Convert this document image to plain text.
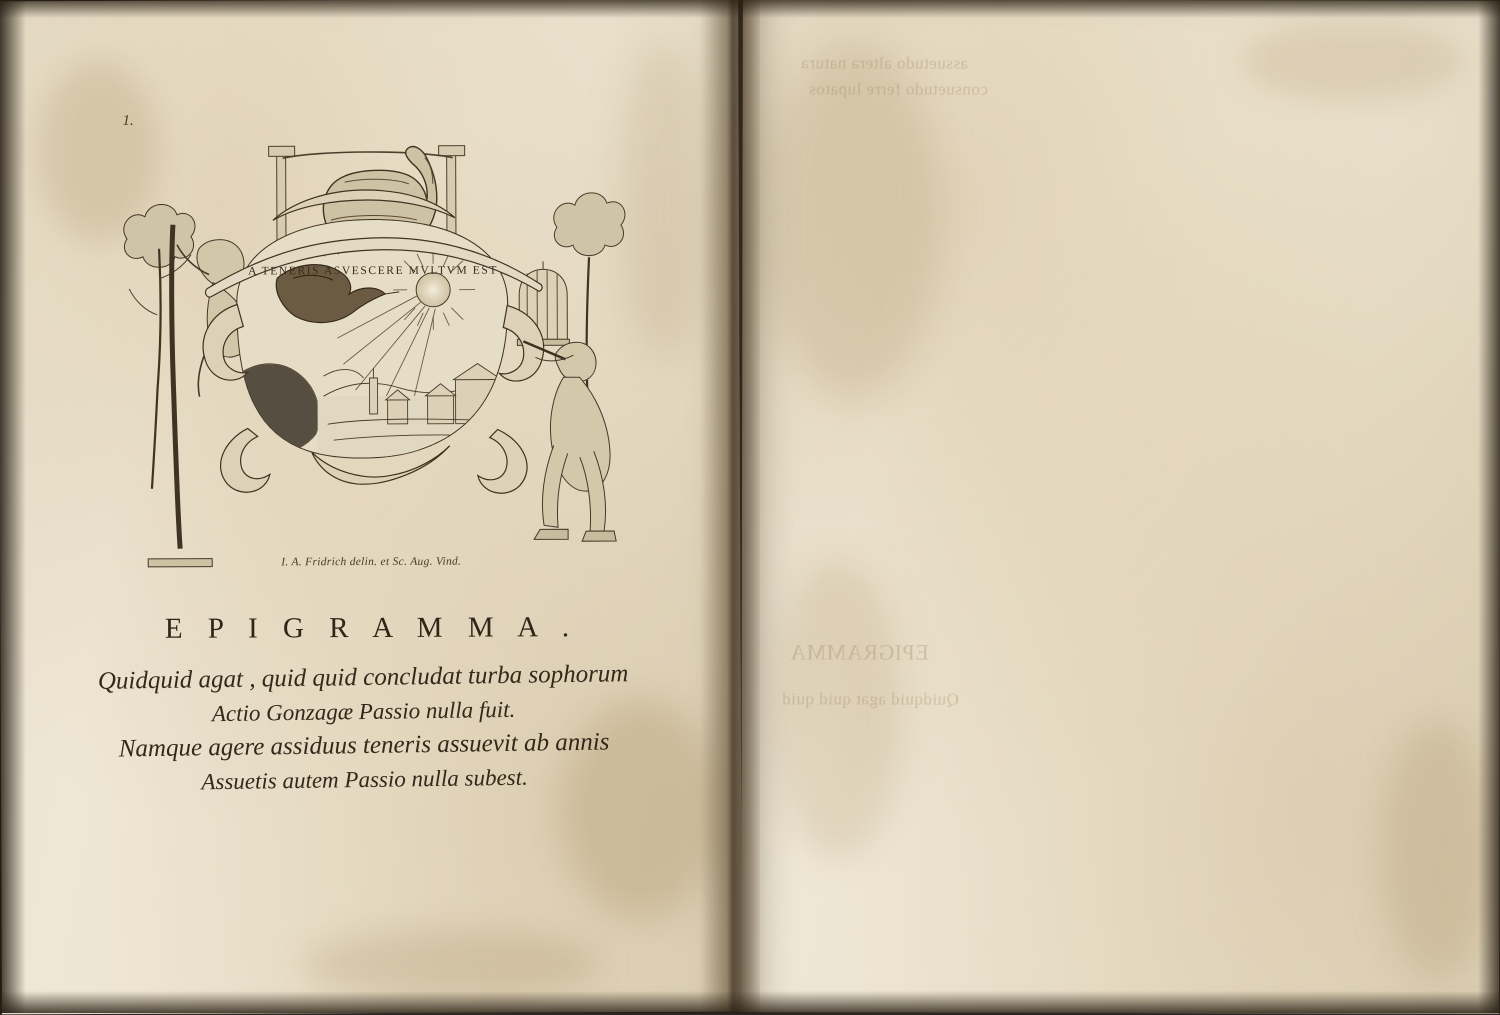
1.
A TENERIS ASVESCERE MVLTVM EST
I. A. Fridrich delin. et Sc. Aug. Vind.
E P I G R A M M A .
Quidquid agat , quid quid concludat turba sophorum
Actio Gonzagæ Passio nulla fuit.
Namque agere assiduus teneris assuevit ab annis
Assuetis autem Passio nulla subest.
assuetudo altera natura
consuetudo ferre lupatos
EPIGRAMMA
Quidquid agat quid quid
